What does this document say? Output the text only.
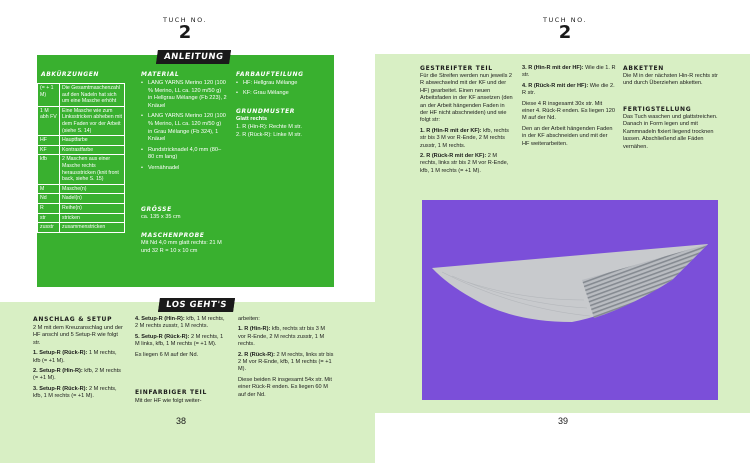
TUCH NO.
2
ANLEITUNG
ABKÜRZUNGEN
(= + 1 M)	Die Gesamtmaschenzahl auf den Nadeln hat sich um eine Masche erhöht
1 M abh FV	Eine Masche wie zum Linksstricken abheben mit dem Faden vor der Arbeit (siehe S. 14)
HF	Hauptfarbe
KF	Kontrastfarbe
kfb	2 Maschen aus einer Masche rechts herausstricken (knit front back, siehe S. 15)
M	Masche(n)
Nd	Nadel(n)
R	Reihe(n)
str	stricken
zusstr	zusammenstricken
MATERIAL
• LANG YARNS Merino 120 (100 % Merino, LL ca. 120 m/50 g) in Hellgrau Mélange (Fb 223), 2 Knäuel
• LANG YARNS Merino 120 (100 % Merino, LL ca. 120 m/50 g) in Grau Mélange (Fb 324), 1 Knäuel
• Rundstricknadel 4,0 mm (80–80 cm lang)
• Vernähnadel
GRÖSSE
ca. 135 x 35 cm
MASCHENPROBE
Mit Nd 4,0 mm glatt rechts: 21 M und 32 R = 10 x 10 cm
FARBAUFTEILUNG
• HF: Hellgrau Mélange
• KF: Grau Mélange
GRUNDMUSTER
Glatt rechts
1. R (Hin-R): Rechte M str.
2. R (Rück-R): Linke M str.
LOS GEHT'S
ANSCHLAG & SETUP

2 M mit dem Kreuzanschlag und der HF anschl und 5 Setup-R wie folgt str.

1. Setup-R (Rück-R): 1 M rechts, kfb (= +1 M).

2. Setup-R (Hin-R): kfb, 2 M rechts (= +1 M).

3. Setup-R (Rück-R): 2 M rechts, kfb, 1 M rechts (= +1 M).

4. Setup-R (Hin-R): kfb, 1 M rechts, 2 M rechts zusstr, 1 M rechts.

5. Setup-R (Rück-R): 2 M rechts, 1 M links, kfb, 1 M rechts (= +1 M).

Es liegen 6 M auf der Nd.

EINFARBIGER TEIL
Mit der HF wie folgt weiter-

arbeiten:

1. R (Hin-R): kfb, rechts str bis 3 M vor R-Ende, 2 M rechts zusstr, 1 M rechts.

2. R (Rück-R): 2 M rechts, links str bis 2 M vor R-Ende, kfb, 1 M rechts (= +1 M).

Diese beiden R insgesamt 54x str. Mit einer Rück-R enden. Es liegen 60 M auf der Nd.

38
TUCH NO.
2
GESTREIFTER TEIL

Für die Streifen werden nun jeweils 2 R abwechselnd mit der KF und der HF) gearbeitet. Einen neuen Arbeitsfaden in der KF ansetzen (den an der Arbeit hängenden Faden in der HF nicht abschneiden) und wie folgt str:

1. R (Hin-R mit der KF): kfb, rechts str bis 3 M vor R-Ende, 2 M rechts zusstr, 1 M rechts.

2. R (Rück-R mit der KF): 2 M rechts, links str bis 2 M vor R-Ende, kfb, 1 M rechts (= +1 M).

3. R (Hin-R mit der HF): Wie die 1. R str.

4. R (Rück-R mit der HF): Wie die 2. R str.

Diese 4 R insgesamt 30x str. Mit einer 4. Rück-R enden. Es liegen 120 M auf der Nd.

Den an der Arbeit hängenden Faden in der KF abschneiden und mit der HF weiterarbeiten.

ABKETTEN
Die M in der nächsten Hin-R rechts str und durch Überziehen abketten.
FERTIGSTELLUNG
Das Tuch waschen und glattstreichen. Danach in Form legen und mit Kammnadeln fixiert liegend trocknen lassen. Abschließend alle Fäden vernähen.
39
